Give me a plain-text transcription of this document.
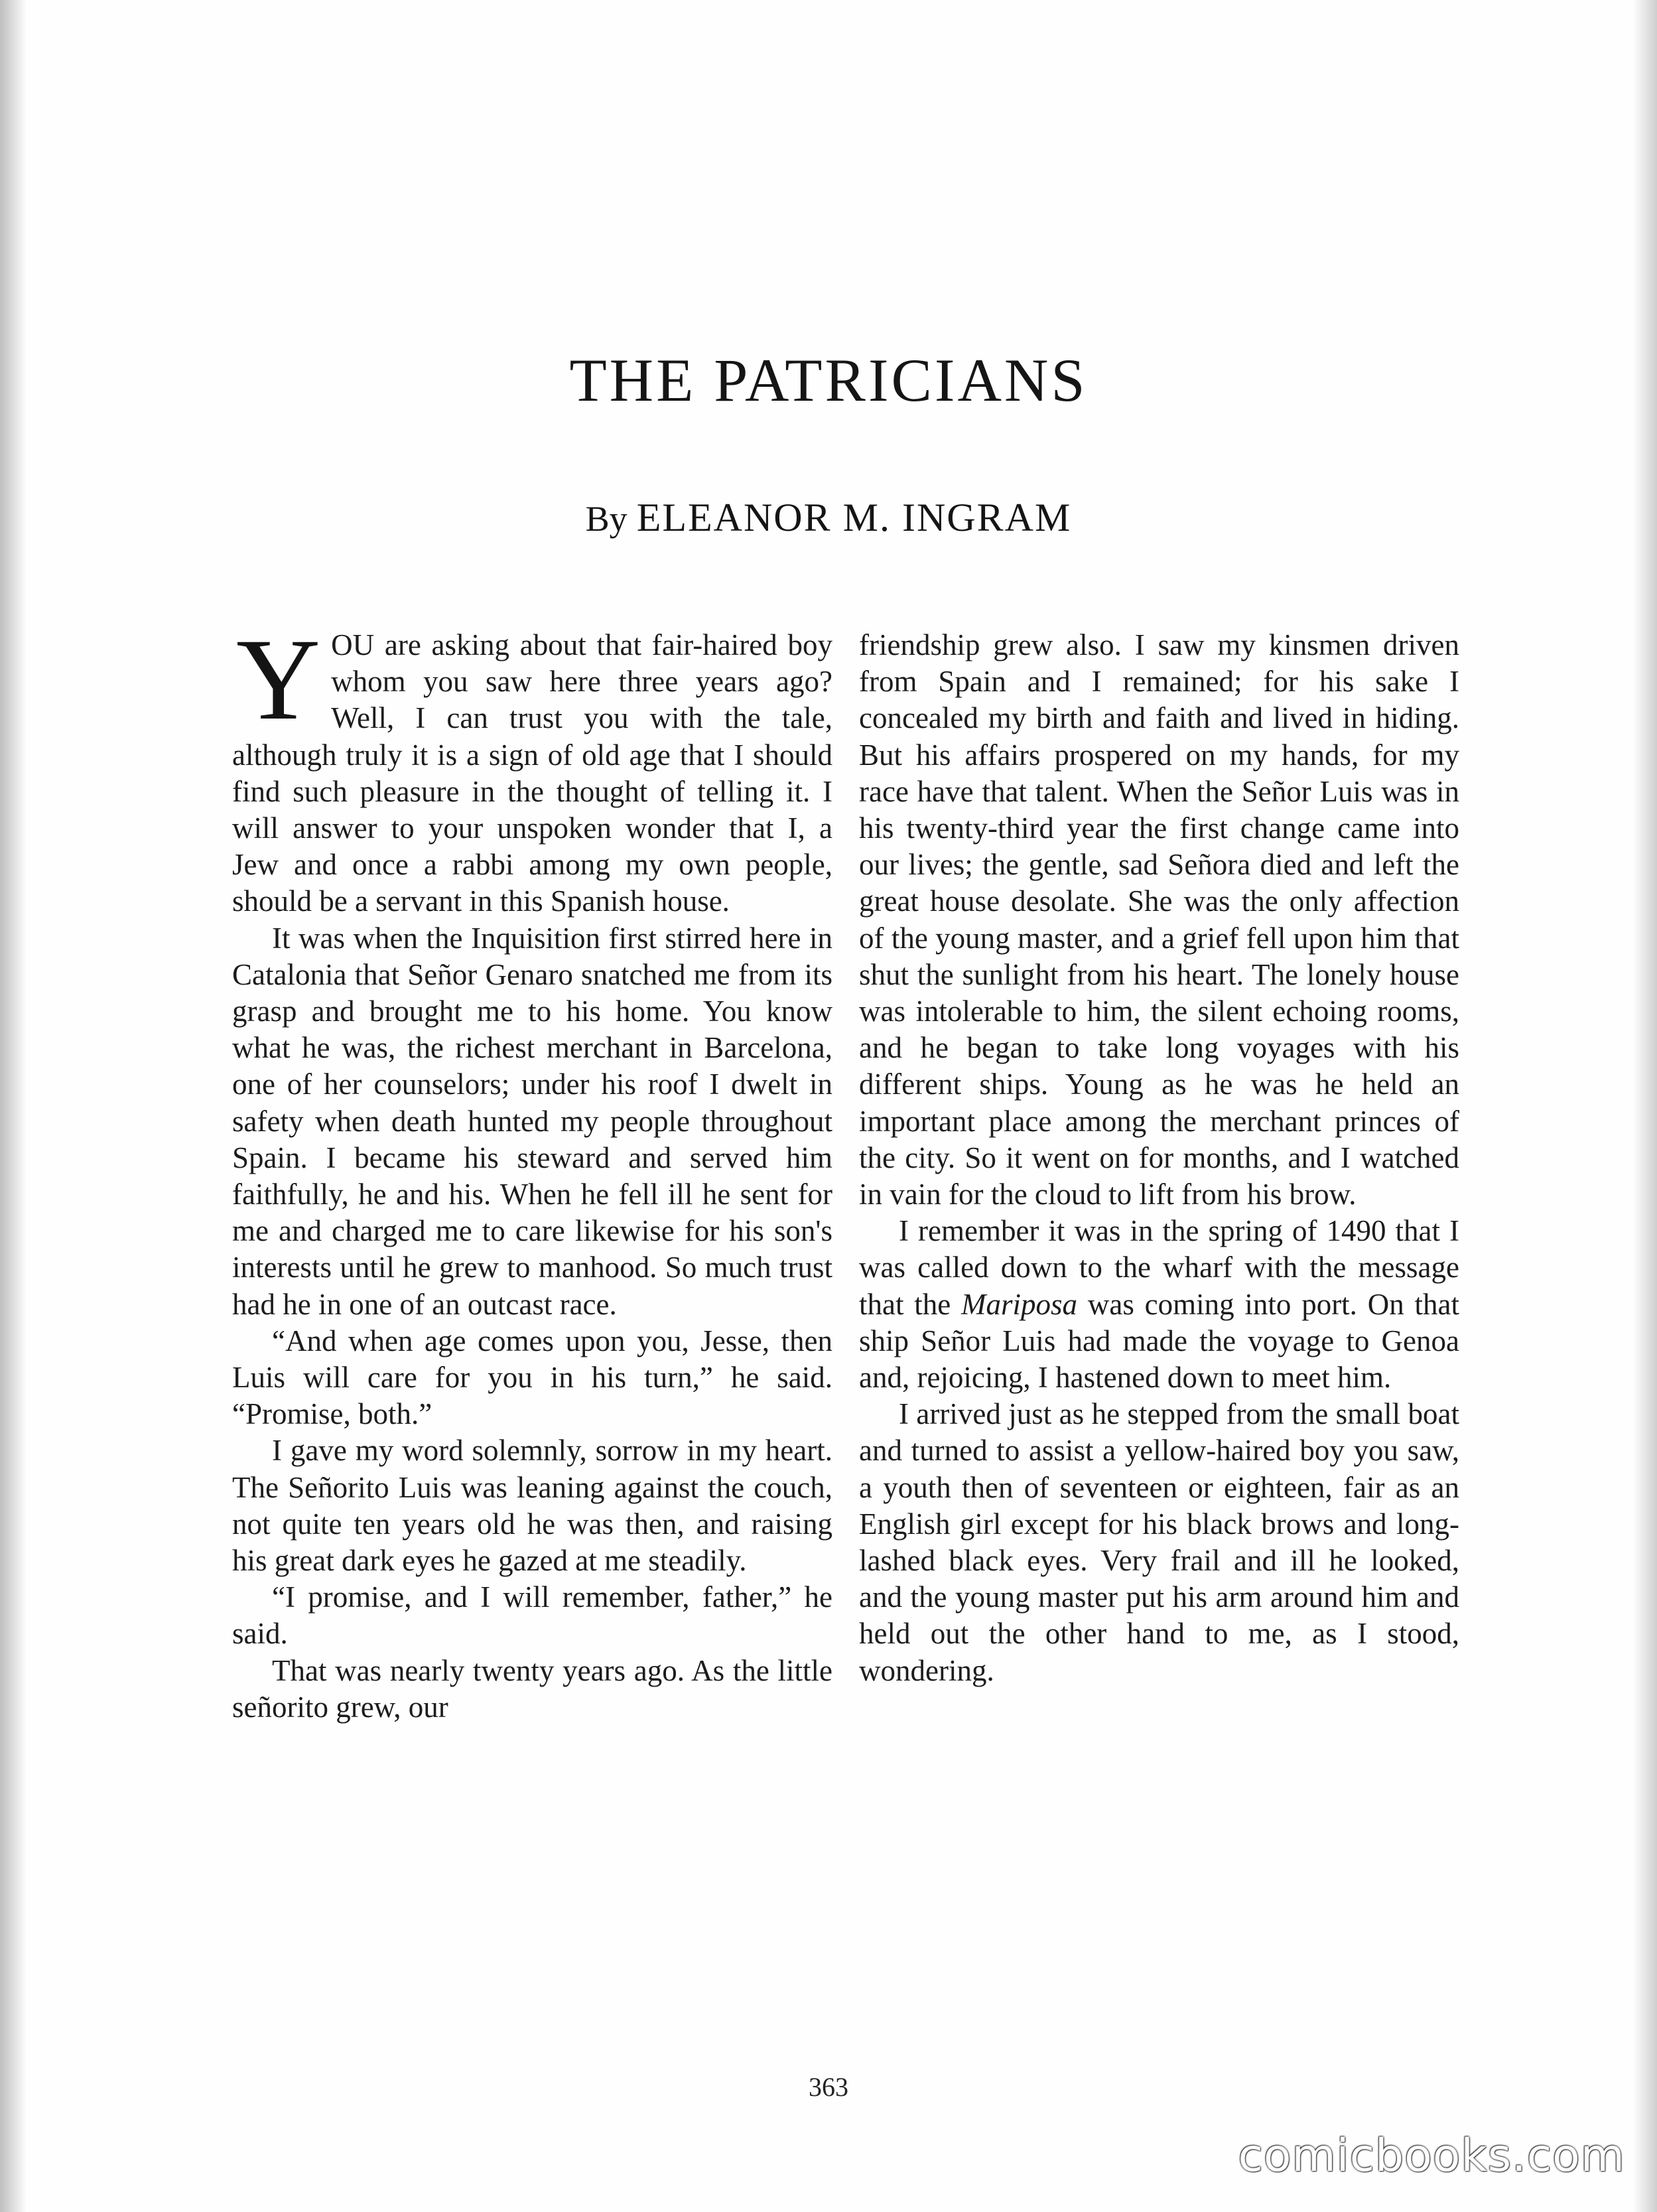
THE PATRICIANS
By ELEANOR M. INGRAM

YOU are asking about that fair-haired boy whom you saw here three years ago? Well, I can trust you with the tale, although truly it is a sign of old age that I should find such pleasure in the thought of telling it. I will answer to your unspoken wonder that I, a Jew and once a rabbi among my own people, should be a servant in this Spanish house.

It was when the Inquisition first stirred here in Catalonia that Señor Genaro snatched me from its grasp and brought me to his home. You know what he was, the richest merchant in Barcelona, one of her counselors; under his roof I dwelt in safety when death hunted my people throughout Spain. I became his steward and served him faithfully, he and his. When he fell ill he sent for me and charged me to care likewise for his son's interests until he grew to manhood. So much trust had he in one of an outcast race.

“And when age comes upon you, Jesse, then Luis will care for you in his turn,” he said. “Promise, both.”

I gave my word solemnly, sorrow in my heart. The Señorito Luis was leaning against the couch, not quite ten years old he was then, and raising his great dark eyes he gazed at me steadily.

“I promise, and I will remember, father,” he said.

That was nearly twenty years ago. As the little señorito grew, our

friendship grew also. I saw my kinsmen driven from Spain and I remained; for his sake I concealed my birth and faith and lived in hiding. But his affairs prospered on my hands, for my race have that talent. When the Señor Luis was in his twenty-third year the first change came into our lives; the gentle, sad Señora died and left the great house desolate. She was the only affection of the young master, and a grief fell upon him that shut the sunlight from his heart. The lonely house was intolerable to him, the silent echoing rooms, and he began to take long voyages with his different ships. Young as he was he held an important place among the merchant princes of the city. So it went on for months, and I watched in vain for the cloud to lift from his brow.

I remember it was in the spring of 1490 that I was called down to the wharf with the message that the Mariposa was coming into port. On that ship Señor Luis had made the voyage to Genoa and, rejoicing, I hastened down to meet him.

I arrived just as he stepped from the small boat and turned to assist a yellow-haired boy you saw, a youth then of seventeen or eighteen, fair as an English girl except for his black brows and long-lashed black eyes. Very frail and ill he looked, and the young master put his arm around him and held out the other hand to me, as I stood, wondering.

363
comicbooks.com
